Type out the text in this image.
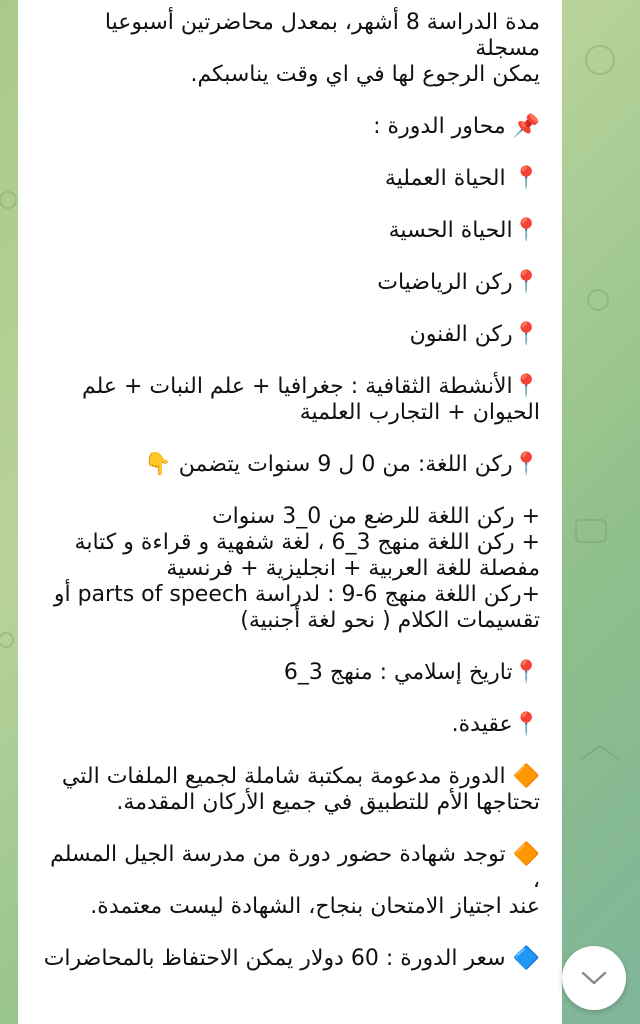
مدة الدراسة 8 أشهر، بمعدل محاضرتين أسبوعيا مسجلة

يمكن الرجوع لها في اي وقت يناسبكم.

📌 محاور الدورة :

📍 الحياة العملية

📍الحياة الحسية

📍ركن الرياضيات

📍ركن الفنون

📍الأنشطة الثقافية : جغرافيا + علم النبات + علم

الحيوان + التجارب العلمية

📍ركن اللغة: من 0 ل 9 سنوات يتضمن 👇

+ ركن اللغة للرضع من 0_3 سنوات

+ ركن اللغة منهج 3_6 ، لغة شفهية و قراءة و كتابة

مفصلة للغة العربية + انجليزية + فرنسية

+ركن اللغة منهج 6-9 : لدراسة parts of speech أو

تقسيمات الكلام ( نحو لغة أجنبية)

📍تاريخ إسلامي : منهج 3_6

📍عقيدة.

🔶 الدورة مدعومة بمكتبة شاملة لجميع الملفات التي

تحتاجها الأم للتطبيق في جميع الأركان المقدمة.

🔶 توجد شهادة حضور دورة من مدرسة الجيل المسلم ،

عند اجتياز الامتحان بنجاح، الشهادة ليست معتمدة.

🔷 سعر الدورة : 60 دولار يمكن الاحتفاظ بالمحاضرات
